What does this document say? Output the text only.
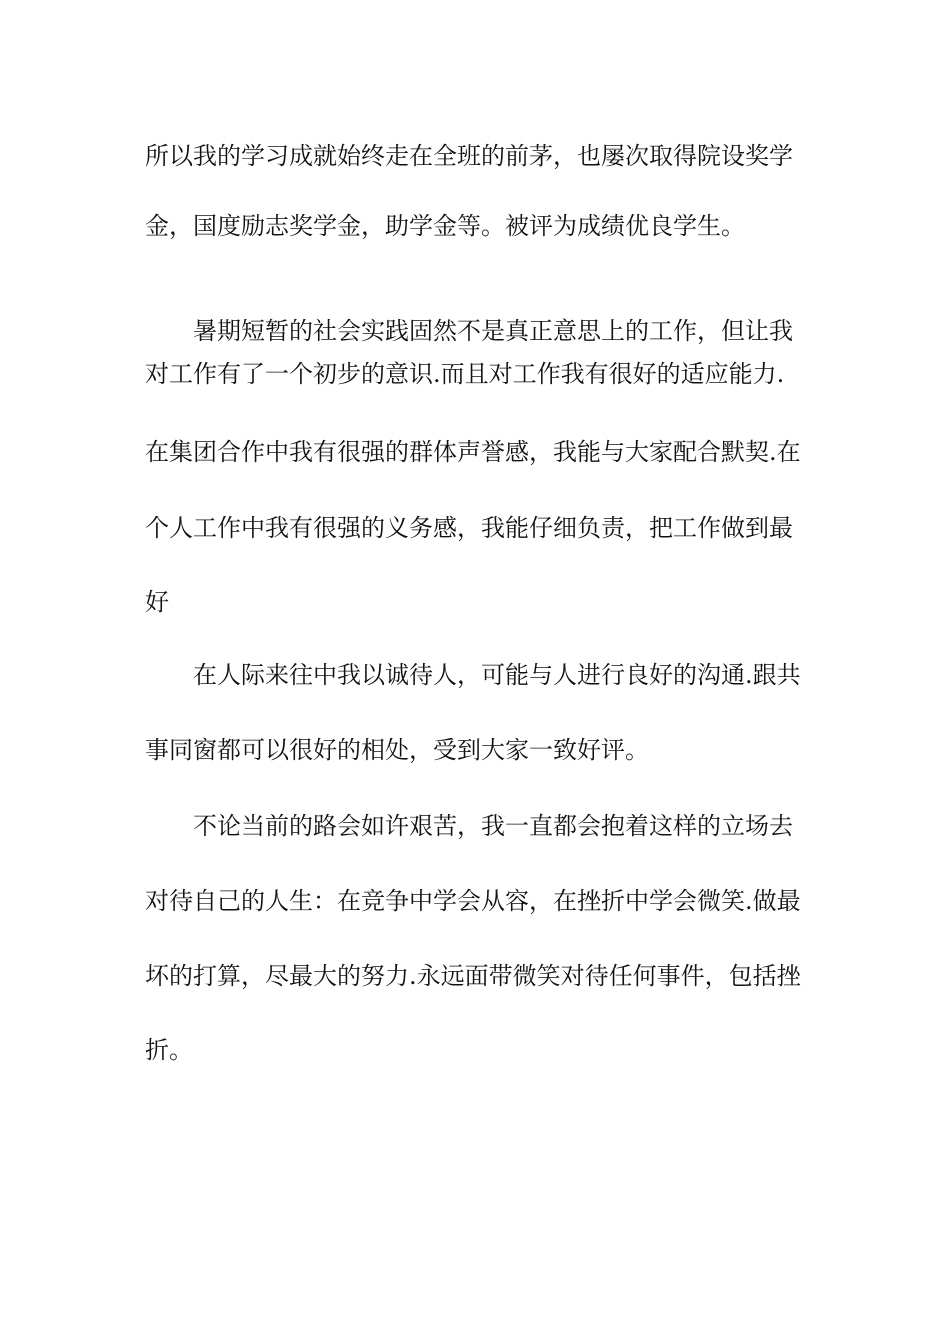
所以我的学习成就始终走在全班的前茅，也屡次取得院设奖学
金，国度励志奖学金，助学金等。被评为成绩优良学生。
暑期短暂的社会实践固然不是真正意思上的工作，但让我
对工作有了一个初步的意识.而且对工作我有很好的适应能力.
在集团合作中我有很强的群体声誉感，我能与大家配合默契.在
个人工作中我有很强的义务感，我能仔细负责，把工作做到最
好
在人际来往中我以诚待人，可能与人进行良好的沟通.跟共
事同窗都可以很好的相处，受到大家一致好评。
不论当前的路会如许艰苦，我一直都会抱着这样的立场去
对待自己的人生：在竞争中学会从容，在挫折中学会微笑.做最
坏的打算，尽最大的努力.永远面带微笑对待任何事件，包括挫
折。
